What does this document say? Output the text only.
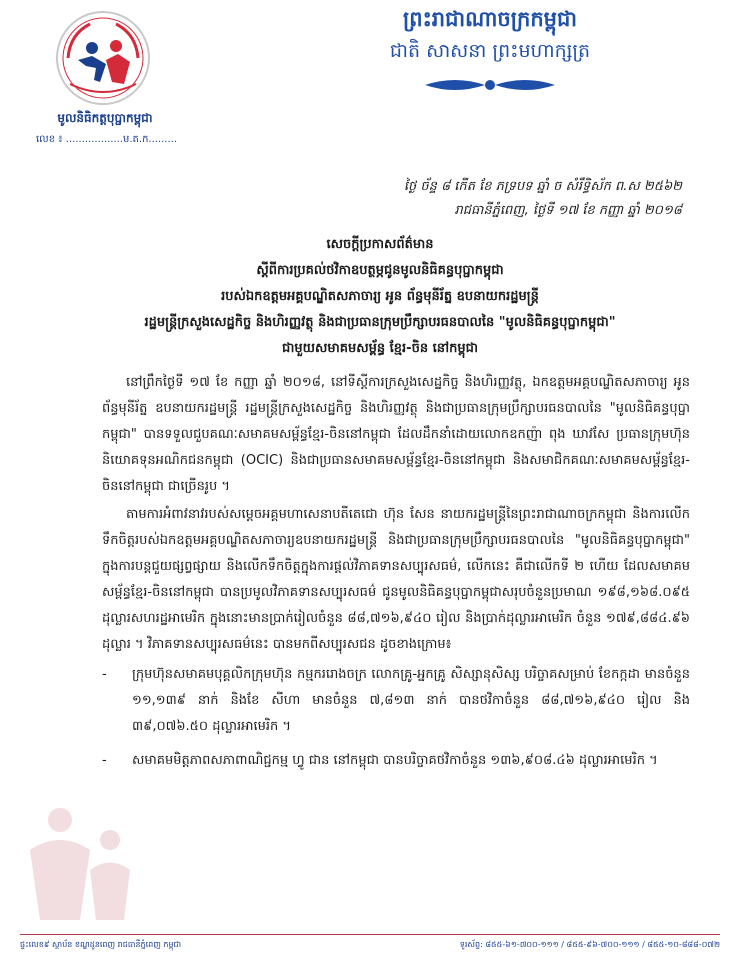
មូលនិធិកត្តបុប្ផាកម្ពុជា
លេខ ៖ ..................ម.ត.ក.........
ព្រះរាជាណាចក្រកម្ពុជា
ជាតិ សាសនា ព្រះមហាក្សត្រ
ថ្ងៃ ច័ន្ទ ៨ កើត ខែ ភទ្របទ ឆ្នាំ ច សំរឹទ្ធិស័ក ព.ស ២៥៦២
រាជធានីភ្នំពេញ, ថ្ងៃទី ១៧ ខែ កញ្ញា ឆ្នាំ ២០១៨
សេចក្តីប្រកាសព័ត៌មាន
ស្តីពីការប្រគល់ថវិកាឧបត្ថម្ភជូនមូលនិធិគន្ធបុប្ផាកម្ពុជា
របស់ឯកឧត្តមអគ្គបណ្ឌិតសភាចារ្យ អូន ព័ន្ធមុនីរ័ត្ន ឧបនាយករដ្ឋមន្ត្រី
រដ្ឋមន្ត្រីក្រសួងសេដ្ឋកិច្ច និងហិរញ្ញវត្ថុ និងជាប្រធានក្រុមប្រឹក្សាបរធនបាលនៃ "មូលនិធិគន្ធបុប្ផាកម្ពុជា"
ជាមួយសមាគមសម្ព័ន្ធ ខ្មែរ-ចិន នៅកម្ពុជា

នៅព្រឹកថ្ងៃទី ១៧ ខែ កញ្ញា ឆ្នាំ ២០១៨, នៅទីស្តីការក្រសួងសេដ្ឋកិច្ច និងហិរញ្ញវត្ថុ, ឯកឧត្តមអគ្គបណ្ឌិតសភាចារ្យ អូន ព័ន្ធមុនីរ័ត្ន ឧបនាយករដ្ឋមន្ត្រី រដ្ឋមន្ត្រីក្រសួងសេដ្ឋកិច្ច និងហិរញ្ញវត្ថុ និងជាប្រធានក្រុមប្រឹក្សាបរធនបាលនៃ "មូលនិធិគន្ធបុប្ផាកម្ពុជា" បានទទួលជួបគណៈសមាគមសម្ព័ន្ធខ្មែរ-ចិននៅកម្ពុជា ដែលដឹកនាំដោយលោកឧកញ៉ា ពុង ឃាវសែ ប្រធានក្រុមហ៊ុននិយោគទុនអណិកជនកម្ពុជា (OCIC) និងជាប្រធានសមាគមសម្ព័ន្ធខ្មែរ-ចិននៅកម្ពុជា និងសមាជិកគណៈសមាគមសម្ព័ន្ធខ្មែរ-ចិននៅកម្ពុជា ជាច្រើនរូប ។

តាមការអំពាវនាវរបស់សម្តេចអគ្គមហាសេនាបតីតេជោ ហ៊ុន សែន នាយករដ្ឋមន្ត្រីនៃព្រះរាជាណាចក្រកម្ពុជា និងការលើកទឹកចិត្តរបស់ឯកឧត្តមអគ្គបណ្ឌិតសភាចារ្យឧបនាយករដ្ឋមន្ត្រី និងជាប្រធានក្រុមប្រឹក្សាបរធនបាលនៃ "មូលនិធិគន្ធបុប្ផាកម្ពុជា" ក្នុងការបន្តជួយផ្សព្វផ្សាយ និងលើកទឹកចិត្តក្នុងការផ្តល់វិភាគទានសប្បុរសធម៌, លើកនេះ គឺជាលើកទី ២ ហើយ ដែលសមាគមសម្ព័ន្ធខ្មែរ-ចិននៅកម្ពុជា បានប្រមូលវិភាគទានសប្បុរសធម៌ ជូនមូលនិធិគន្ធបុប្ផាកម្ពុជាសរុបចំនួនប្រមាណ ១៩៨,១៦៨.០៩៥ ដុល្លារសហរដ្ឋអាមេរិក ក្នុងនោះមានប្រាក់រៀលចំនួន ៨៨,៧១៦,៩៤០ រៀល និងប្រាក់ដុល្លារអាមេរិក ចំនួន ១៧៩,៨៨៤.៩៦ ដុល្លារ ។ វិភាគទានសប្បុរសធម៌នេះ បានមកពីសប្បុរសជន ដូចខាងក្រោម៖

- ក្រុមហ៊ុនសមាគមបុគ្គលិកក្រុមហ៊ុន កម្មកររោងចក្រ លោកគ្រូ-អ្នកគ្រូ សិស្សានុសិស្ស បរិច្ចាគសម្រាប់ ខែកក្កដា មានចំនួន ១១,១៣៩ នាក់ និងខែ សីហា មានចំនួន ៧,៨១៣ នាក់ បានថវិកាចំនួន ៨៨,៧១៦,៩៤០ រៀល និង ៣៩,០៧៦.៥០ ដុល្លារអាមេរិក ។
- សមាគមមិត្តភាពសភាពាណិជ្ជកម្ម ហ្វូ ជាន នៅកម្ពុជា បានបរិច្ចាគថវិកាចំនួន ១៣៦,៩០៨.៤៦ ដុល្លារអាមេរិក ។
ផ្ទះលេខ៩ ស្ថាប័ន ខណ្ឌដូនពេញ រាជធានីភ្នំពេញ កម្ពុជា	ទូរស័ព្ទ: ៨៥៥-៦១-៧០០-១១១ / ៨៥៥-៩៦-៧០០-១១១ / ៨៥៥-១០-៨៨៨-០៧២
